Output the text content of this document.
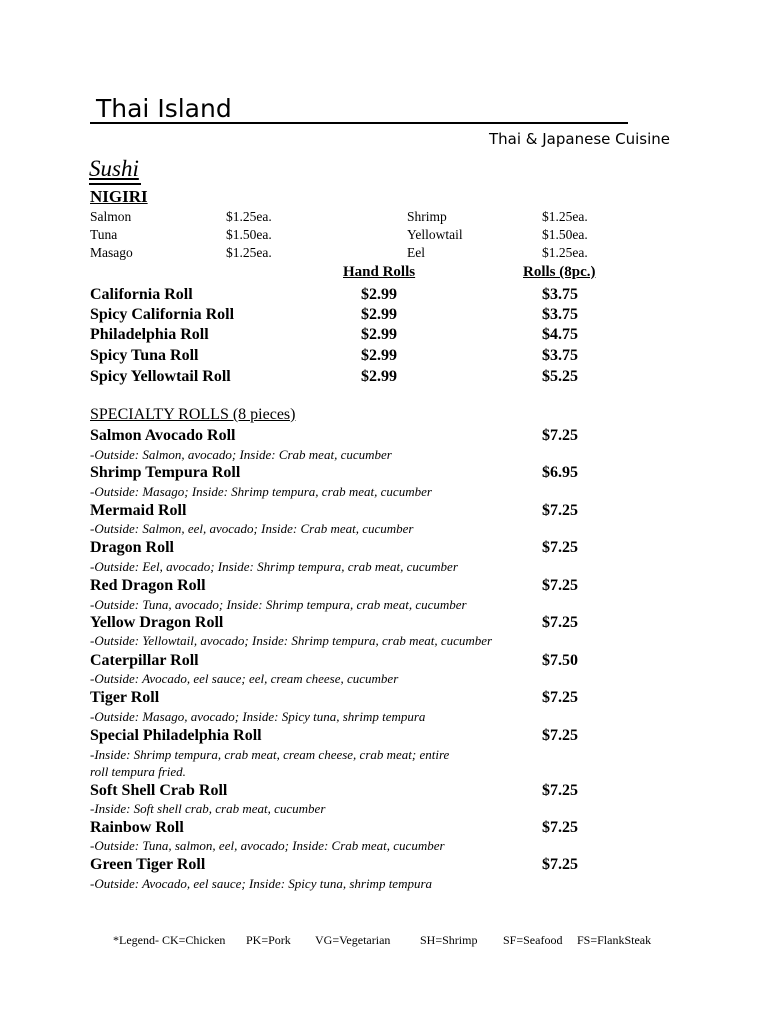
Thai Island
Thai & Japanese Cuisine
Sushi
NIGIRI
Salmon	$1.25ea.	Shrimp	$1.25ea.
Tuna	$1.50ea.	Yellowtail	$1.50ea.
Masago	$1.25ea.	Eel	$1.25ea.
Hand Rolls	Rolls (8pc.)
California Roll	$2.99	$3.75
Spicy California Roll	$2.99	$3.75
Philadelphia Roll	$2.99	$4.75
Spicy Tuna Roll	$2.99	$3.75
Spicy Yellowtail Roll	$2.99	$5.25
SPECIALTY ROLLS (8 pieces)
Salmon Avocado Roll	$7.25
-Outside: Salmon, avocado; Inside: Crab meat, cucumber
Shrimp Tempura Roll	$6.95
-Outside: Masago; Inside: Shrimp tempura, crab meat, cucumber
Mermaid Roll	$7.25
-Outside: Salmon, eel, avocado; Inside: Crab meat, cucumber
Dragon Roll	$7.25
-Outside: Eel, avocado; Inside: Shrimp tempura, crab meat, cucumber
Red Dragon Roll	$7.25
-Outside: Tuna, avocado; Inside: Shrimp tempura, crab meat, cucumber
Yellow Dragon Roll	$7.25
-Outside: Yellowtail, avocado; Inside: Shrimp tempura, crab meat, cucumber
Caterpillar Roll	$7.50
-Outside: Avocado, eel sauce; eel, cream cheese, cucumber
Tiger Roll	$7.25
-Outside: Masago, avocado; Inside: Spicy tuna, shrimp tempura
Special Philadelphia Roll	$7.25
-Inside: Shrimp tempura, crab meat, cream cheese, crab meat; entire
roll tempura fried.
Soft Shell Crab Roll	$7.25
-Inside: Soft shell crab, crab meat, cucumber
Rainbow Roll	$7.25
-Outside: Tuna, salmon, eel, avocado; Inside: Crab meat, cucumber
Green Tiger Roll	$7.25
-Outside: Avocado, eel sauce; Inside: Spicy tuna, shrimp tempura
*Legend- CK=Chicken PK=Pork VG=Vegetarian SH=Shrimp SF=Seafood FS=FlankSteak
